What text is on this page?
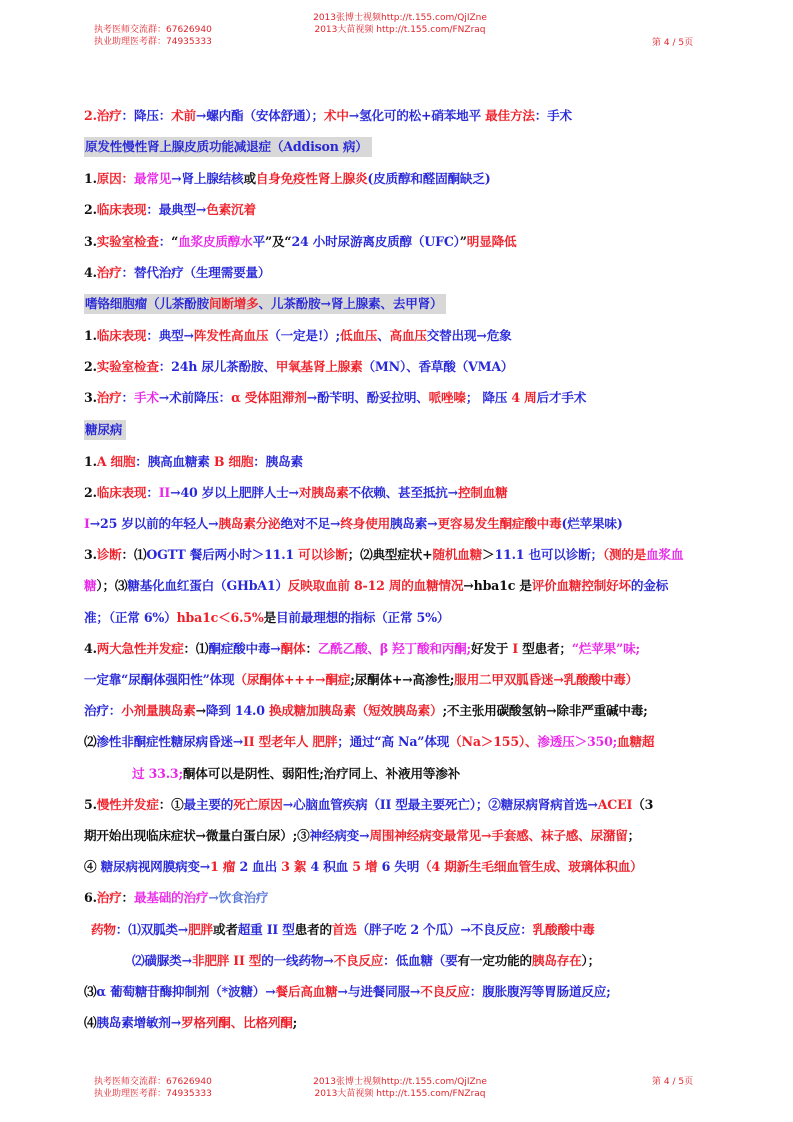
执考医师交流群：67626940
执业助理医考群：74935333
2013张博士视频http://t.155.com/QjIZne
2013大苗视频 http://t.155.com/FNZraq
第 4 / 5页
2.治疗：降压：术前→螺内酯（安体舒通）；术中→氢化可的松+硝苯地平 最佳方法：手术
原发性慢性肾上腺皮质功能减退症（Addison 病）
1.原因：最常见→肾上腺结核或自身免疫性肾上腺炎(皮质醇和醛固酮缺乏)
2.临床表现：最典型→色素沉着
3.实验室检查：“血浆皮质醇水平”及“24 小时尿游离皮质醇（UFC）”明显降低
4.治疗：替代治疗（生理需要量）
嗜铬细胞瘤（儿茶酚胺间断增多、儿茶酚胺→肾上腺素、去甲肾）
1.临床表现：典型→阵发性高血压（一定是!）;低血压、高血压交替出现→危象
2.实验室检查：24h 尿儿茶酚胺、甲氧基肾上腺素（MN）、香草酸（VMA）
3.治疗：手术→术前降压：α 受体阻滞剂→酚苄明、酚妥拉明、哌唑嗪； 降压 4 周后才手术
糖尿病
1.A 细胞：胰高血糖素 B 细胞：胰岛素
2.临床表现：II→40 岁以上肥胖人士→对胰岛素不依赖、甚至抵抗→控制血糖
I→25 岁以前的年轻人→胰岛素分泌绝对不足→终身使用胰岛素→更容易发生酮症酸中毒(烂苹果味)
3.诊断：⑴OGTT 餐后两小时＞11.1 可以诊断；⑵典型症状+随机血糖＞11.1 也可以诊断；（测的是血浆血
糖）；⑶糖基化血红蛋白（GHbA1）反映取血前 8-12 周的血糖情况→hba1c 是评价血糖控制好坏的金标
准；（正常 6%）hba1c＜6.5%是目前最理想的指标（正常 5%）
4.两大急性并发症：⑴酮症酸中毒→酮体：乙酰乙酸、β 羟丁酸和丙酮;好发于 I 型患者；“烂苹果”味;
一定靠“尿酮体强阳性”体现（尿酮体+++→酮症;尿酮体+→高渗性;服用二甲双胍昏迷→乳酸酸中毒）
治疗：小剂量胰岛素→降到 14.0 换成糖加胰岛素（短效胰岛素）;不主张用碳酸氢钠→除非严重碱中毒;
⑵渗性非酮症性糖尿病昏迷→II 型老年人 肥胖；通过“高 Na”体现（Na＞155）、渗透压＞350;血糖超
过 33.3;酮体可以是阴性、弱阳性;治疗同上、补液用等渗补
5.慢性并发症：①最主要的死亡原因→心脑血管疾病（II 型最主要死亡）；②糖尿病肾病首选→ACEI（3
期开始出现临床症状→微量白蛋白尿）;③神经病变→周围神经病变最常见→手套感、袜子感、尿潴留；
④ 糖尿病视网膜病变→1 瘤 2 血出 3 絮 4 积血 5 增 6 失明（4 期新生毛细血管生成、玻璃体积血）
6.治疗：最基础的治疗→饮食治疗
药物：⑴双胍类→肥胖或者超重 II 型患者的首选（胖子吃 2 个瓜）→不良反应：乳酸酸中毒
⑵磺脲类→非肥胖 II 型的一线药物→不良反应：低血糖（要有一定功能的胰岛存在）；
⑶α 葡萄糖苷酶抑制剂（*波糖）→餐后高血糖→与进餐同服→不良反应：腹胀腹泻等胃肠道反应;
⑷胰岛素增敏剂→罗格列酮、比格列酮;
执考医师交流群：67626940
执业助理医考群：74935333
2013张博士视频http://t.155.com/QjIZne
2013大苗视频 http://t.155.com/FNZraq
第 4 / 5页
